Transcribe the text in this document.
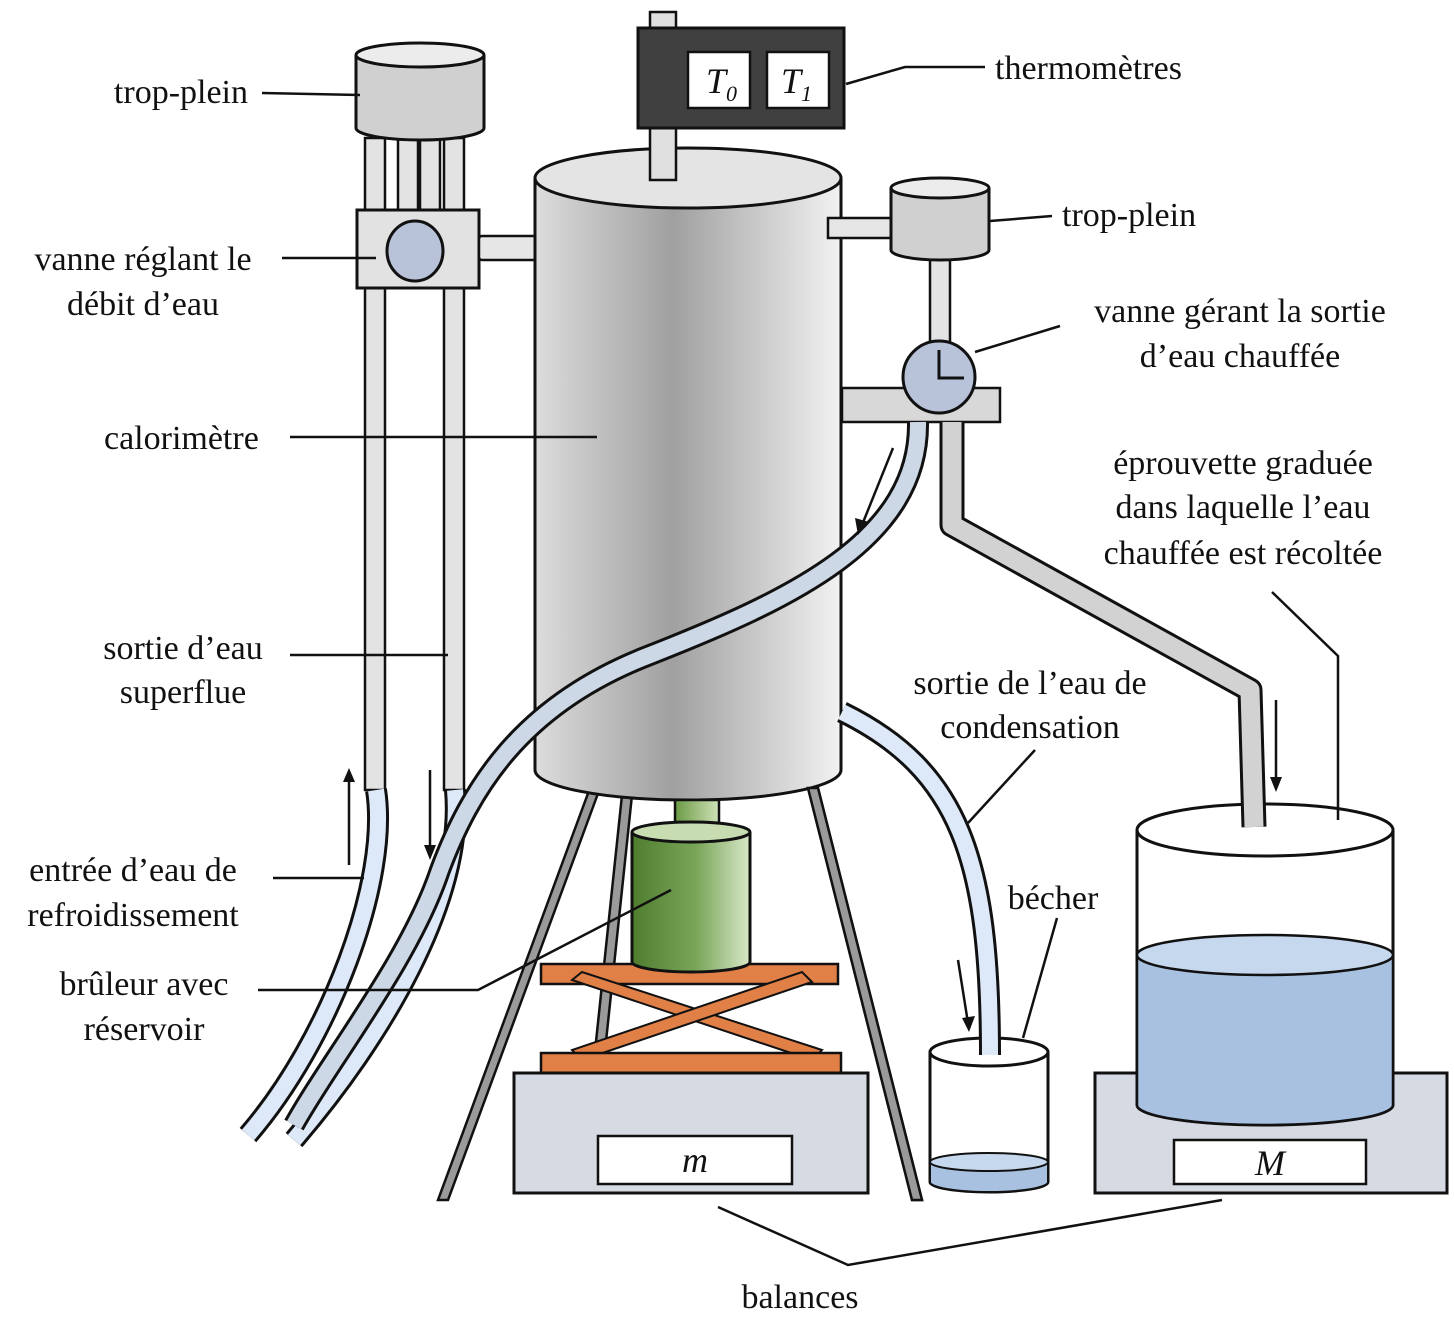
$T_0$ $T_1$
m	M
trop-plein
thermomètres
trop-plein
vanne réglant le
débit d’eau	vanne gérant la sortie
d’eau chauffée
calorimètre
éprouvette graduée
dans laquelle l’eau
chauffée est récoltée
sortie d’eau
superflue	sortie de l’eau de
condensation
entrée d’eau de
refroidissement	bécher
brûleur avec
réservoir
balances
